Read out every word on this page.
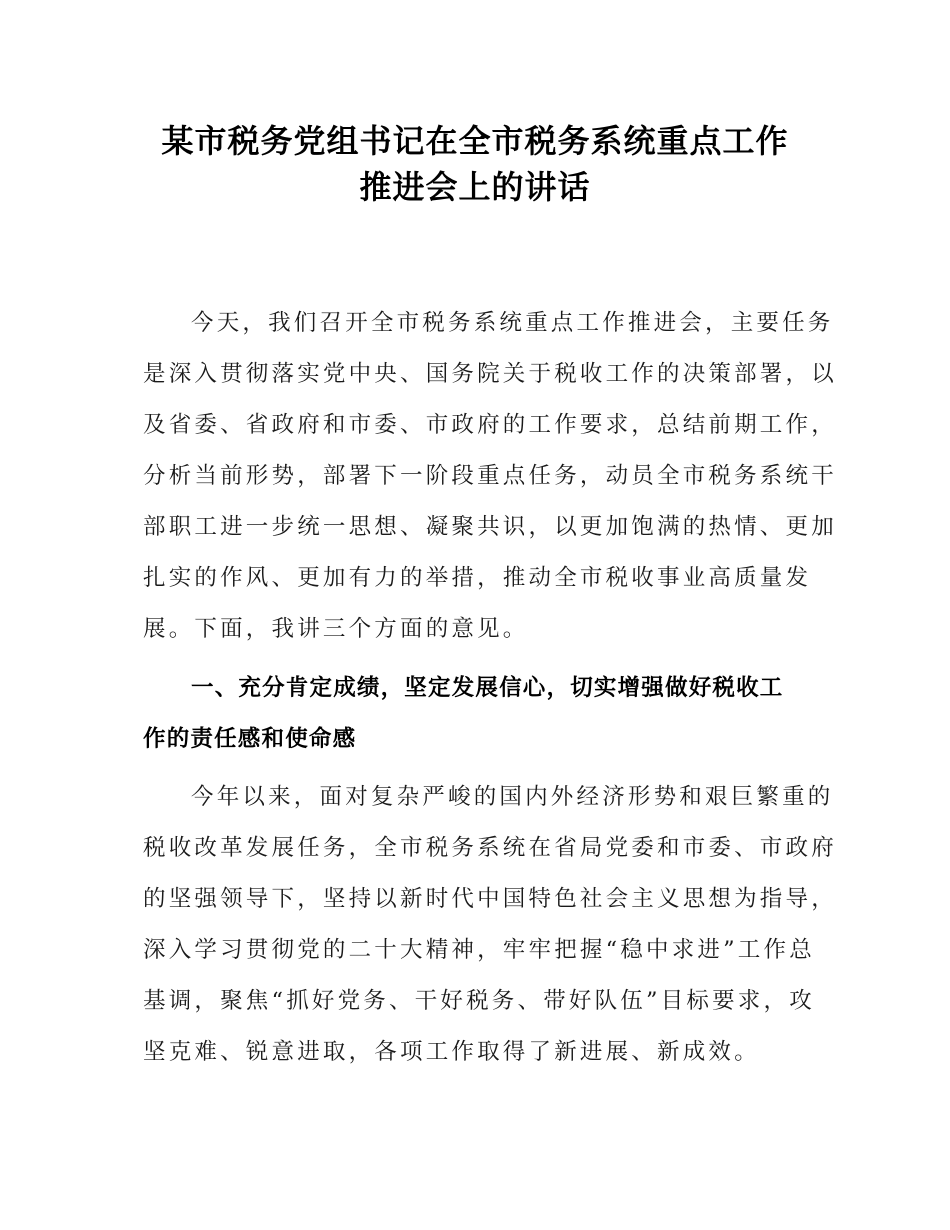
某市税务党组书记在全市税务系统重点工作
推进会上的讲话
今天，我们召开全市税务系统重点工作推进会，主要任务
是深入贯彻落实党中央、国务院关于税收工作的决策部署，以
及省委、省政府和市委、市政府的工作要求，总结前期工作，
分析当前形势，部署下一阶段重点任务，动员全市税务系统干
部职工进一步统一思想、凝聚共识，以更加饱满的热情、更加
扎实的作风、更加有力的举措，推动全市税收事业高质量发
展。下面，我讲三个方面的意见。
一、充分肯定成绩，坚定发展信心，切实增强做好税收工
作的责任感和使命感
今年以来，面对复杂严峻的国内外经济形势和艰巨繁重的
税收改革发展任务，全市税务系统在省局党委和市委、市政府
的坚强领导下，坚持以新时代中国特色社会主义思想为指导，
深入学习贯彻党的二十大精神，牢牢把握“稳中求进”工作总
基调，聚焦“抓好党务、干好税务、带好队伍”目标要求，攻
坚克难、锐意进取，各项工作取得了新进展、新成效。
